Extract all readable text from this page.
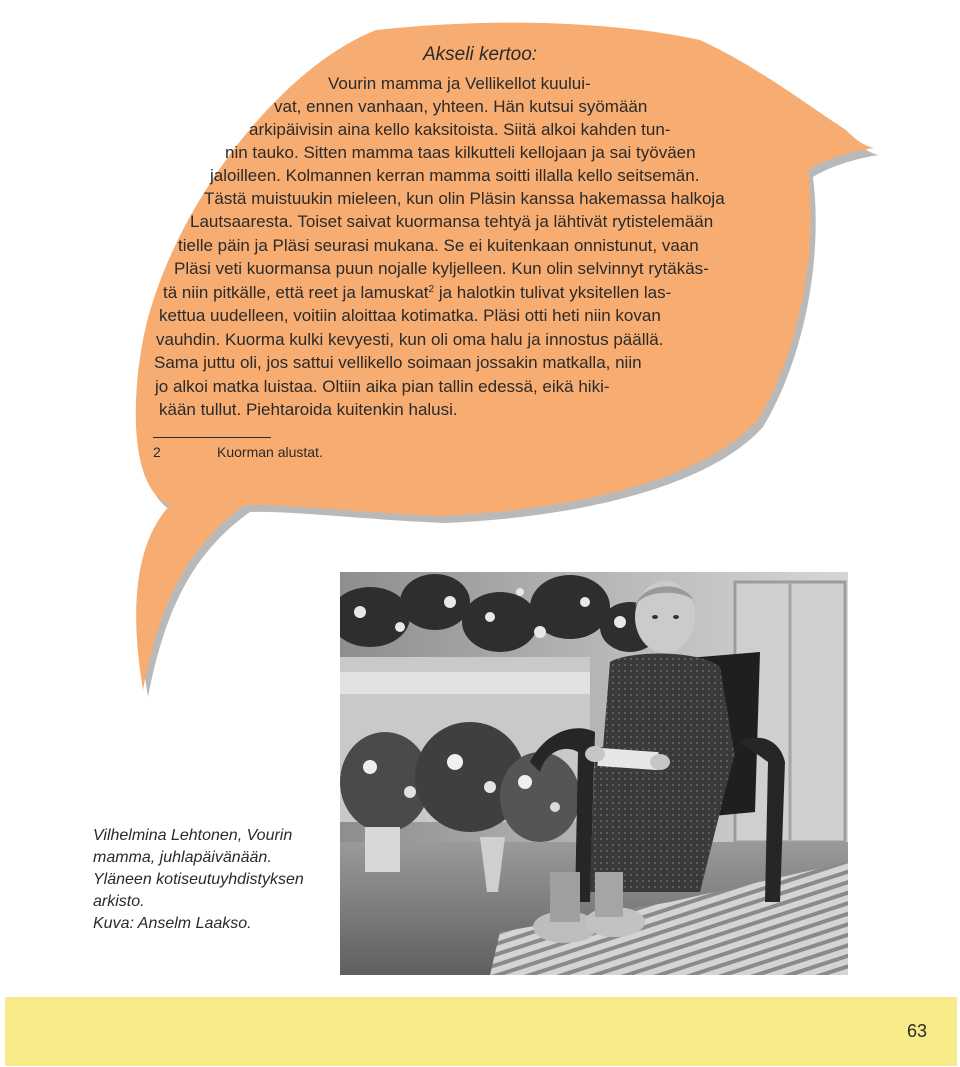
Akseli kertoo:
Vourin mamma ja Vellikellot kuului-
vat, ennen vanhaan, yhteen. Hän kutsui syömään
arkipäivisin aina kello kaksitoista. Siitä alkoi kahden tun-
nin tauko. Sitten mamma taas kilkutteli kellojaan ja sai työväen
jaloilleen. Kolmannen kerran mamma soitti illalla kello seitsemän.
Tästä muistuukin mieleen, kun olin Pläsin kanssa hakemassa halkoja
Lautsaaresta. Toiset saivat kuormansa tehtyä ja lähtivät rytistelemään
tielle päin ja Pläsi seurasi mukana. Se ei kuitenkaan onnistunut, vaan
Pläsi veti kuormansa puun nojalle kyljelleen. Kun olin selvinnyt rytäkäs-
tä niin pitkälle, että reet ja lamuskat$^2$ ja halotkin tulivat yksitellen las-
kettua uudelleen, voitiin aloittaa kotimatka. Pläsi otti heti niin kovan
vauhdin. Kuorma kulki kevyesti, kun oli oma halu ja innostus päällä.
Sama juttu oli, jos sattui vellikello soimaan jossakin matkalla, niin
jo alkoi matka luistaa. Oltiin aika pian tallin edessä, eikä hiki-
kään tullut. Piehtaroida kuitenkin halusi.
2	Kuorman alustat.
Vilhelmina Lehtonen, Vourin
mamma, juhlapäivänään.
Yläneen kotiseutuyhdistyksen
arkisto.
Kuva: Anselm Laakso.
63
